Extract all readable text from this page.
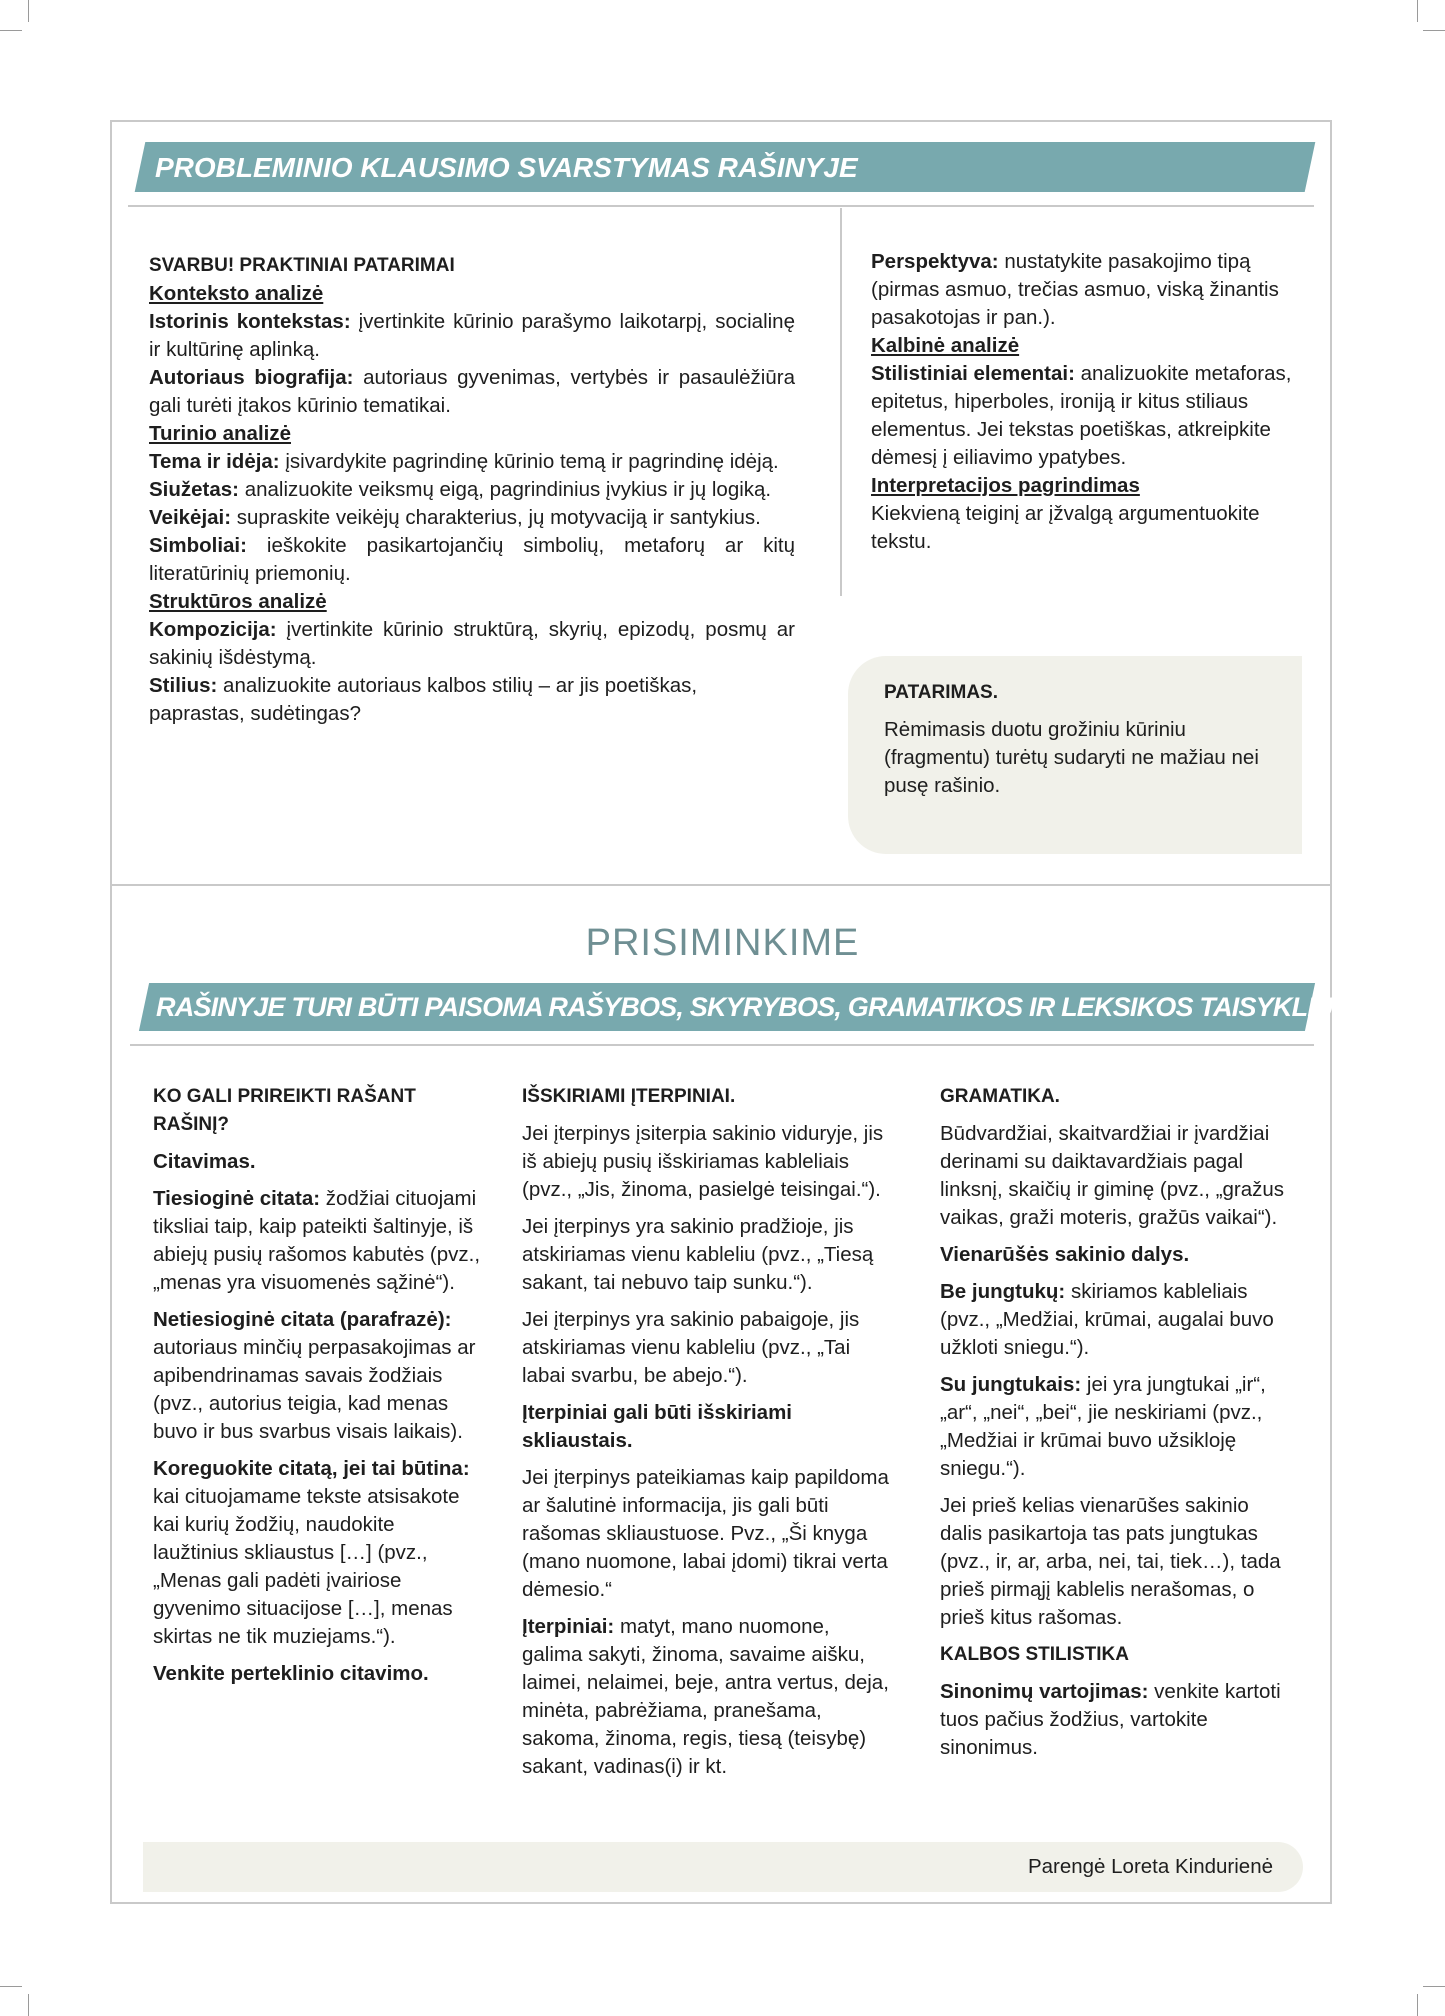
PROBLEMINIO KLAUSIMO SVARSTYMAS RAŠINYJE

SVARBU! PRAKTINIAI PATARIMAI

Konteksto analizė

Istorinis kontekstas: įvertinkite kūrinio parašymo laikotarpį, socialinę ir kultūrinę aplinką.

Autoriaus biografija: autoriaus gyvenimas, vertybės ir pasaulėžiūra gali turėti įtakos kūrinio tematikai.

Turinio analizė

Tema ir idėja: įsivardykite pagrindinę kūrinio temą ir pagrindinę idėją.

Siužetas: analizuokite veiksmų eigą, pagrindinius įvykius ir jų logiką.

Veikėjai: supraskite veikėjų charakterius, jų motyvaciją ir santykius.

Simboliai: ieškokite pasikartojančių simbolių, metaforų ar kitų literatūrinių priemonių.

Struktūros analizė

Kompozicija: įvertinkite kūrinio struktūrą, skyrių, epizodų, posmų ar sakinių išdėstymą.

Stilius: analizuokite autoriaus kalbos stilių – ar jis poetiškas, paprastas, sudėtingas?

Perspektyva: nustatykite pasakojimo tipą (pirmas asmuo, trečias asmuo, viską žinantis pasakotojas ir pan.).

Kalbinė analizė

Stilistiniai elementai: analizuokite metaforas, epitetus, hiperboles, ironiją ir kitus stiliaus elementus. Jei tekstas poetiškas, atkreipkite dėmesį į eiliavimo ypatybes.

Interpretacijos pagrindimas

Kiekvieną teiginį ar įžvalgą argumentuokite tekstu.

PATARIMAS.

Rėmimasis duotu grožiniu kūriniu (fragmentu) turėtų sudaryti ne mažiau nei pusę rašinio.

PRISIMINKIME
RAŠINYJE TURI BŪTI PAISOMA RAŠYBOS, SKYRYBOS, GRAMATIKOS IR LEKSIKOS TAISYKLIŲ.

KO GALI PRIREIKTI RAŠANT RAŠINĮ?

Citavimas.

Tiesioginė citata: žodžiai cituojami tiksliai taip, kaip pateikti šaltinyje, iš abiejų pusių rašomos kabutės (pvz., „menas yra visuomenės sąžinė“).

Netiesioginė citata (parafrazė): autoriaus minčių perpasakojimas ar apibendrinamas savais žodžiais (pvz., autorius teigia, kad menas buvo ir bus svarbus visais laikais).

Koreguokite citatą, jei tai būtina: kai cituojamame tekste atsisakote kai kurių žodžių, naudokite laužtinius skliaustus […] (pvz., „Menas gali padėti įvairiose gyvenimo situacijose […], menas skirtas ne tik muziejams.“).

Venkite perteklinio citavimo.

IŠSKIRIAMI ĮTERPINIAI.

Jei įterpinys įsiterpia sakinio viduryje, jis iš abiejų pusių išskiriamas kableliais (pvz., „Jis, žinoma, pasielgė teisingai.“).

Jei įterpinys yra sakinio pradžioje, jis atskiriamas vienu kableliu (pvz., „Tiesą sakant, tai nebuvo taip sunku.“).

Jei įterpinys yra sakinio pabaigoje, jis atskiriamas vienu kableliu (pvz., „Tai labai svarbu, be abejo.“).

Įterpiniai gali būti išskiriami skliaustais.

Jei įterpinys pateikiamas kaip papildoma ar šalutinė informacija, jis gali būti rašomas skliaustuose. Pvz., „Ši knyga (mano nuomone, labai įdomi) tikrai verta dėmesio.“

Įterpiniai: matyt, mano nuomone, galima sakyti, žinoma, savaime aišku, laimei, nelaimei, beje, antra vertus, deja, minėta, pabrėžiama, pranešama, sakoma, žinoma, regis, tiesą (teisybę) sakant, vadinas(i) ir kt.

GRAMATIKA.

Būdvardžiai, skaitvardžiai ir įvardžiai derinami su daiktavardžiais pagal linksnį, skaičių ir giminę (pvz., „gražus vaikas, graži moteris, gražūs vaikai“).

Vienarūšės sakinio dalys.

Be jungtukų: skiriamos kableliais (pvz., „Medžiai, krūmai, augalai buvo užkloti sniegu.“).

Su jungtukais: jei yra jungtukai „ir“, „ar“, „nei“, „bei“, jie neskiriami (pvz., „Medžiai ir krūmai buvo užsikloję sniegu.“).

Jei prieš kelias vienarūšes sakinio dalis pasikartoja tas pats jungtukas (pvz., ir, ar, arba, nei, tai, tiek…), tada prieš pirmąjį kablelis nerašomas, o prieš kitus rašomas.

KALBOS STILISTIKA

Sinonimų vartojimas: venkite kartoti tuos pačius žodžius, vartokite sinonimus.

Parengė Loreta Kindurienė
